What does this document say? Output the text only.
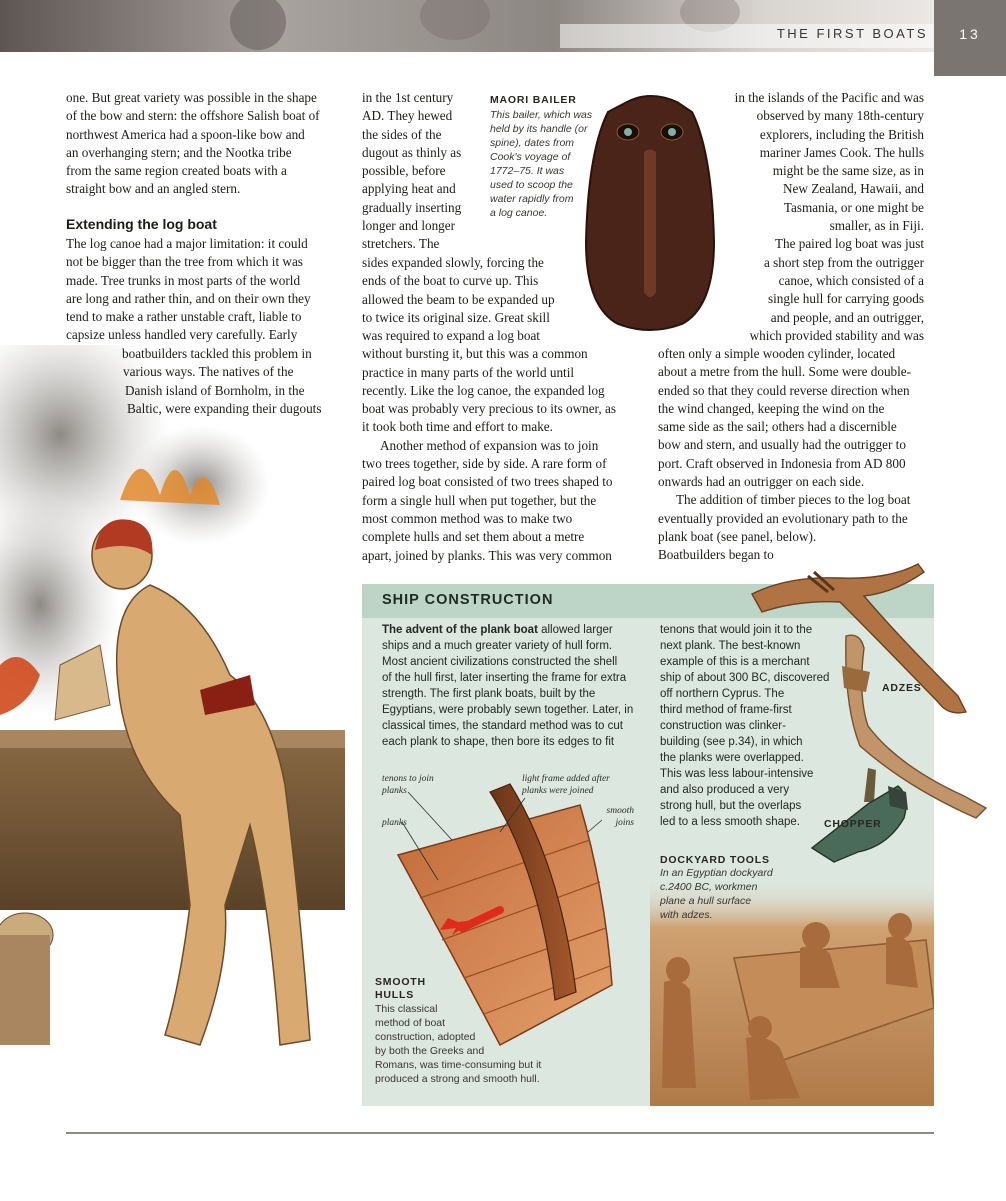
THE FIRST BOATS	13
one. But great variety was possible in the shape
of the bow and stern: the offshore Salish boat of
northwest America had a spoon-like bow and
an overhanging stern; and the Nootka tribe
from the same region created boats with a
straight bow and an angled stern.
Extending the log boat
The log canoe had a major limitation: it could
not be bigger than the tree from which it was
made. Tree trunks in most parts of the world
are long and rather thin, and on their own they
tend to make a rather unstable craft, liable to
capsize unless handled very carefully. Early
boatbuilders tackled this problem in
various ways. The natives of the
Danish island of Bornholm, in the
Baltic, were expanding their dugouts
in the 1st century
AD. They hewed
the sides of the
dugout as thinly as
possible, before
applying heat and
gradually inserting
longer and longer
stretchers. The
sides expanded slowly, forcing the
ends of the boat to curve up. This
allowed the beam to be expanded up
to twice its original size. Great skill
was required to expand a log boat
without bursting it, but this was a common
practice in many parts of the world until
recently. Like the log canoe, the expanded log
boat was probably very precious to its owner, as
it took both time and effort to make.
Another method of expansion was to join
two trees together, side by side. A rare form of
paired log boat consisted of two trees shaped to
form a single hull when put together, but the
most common method was to make two
complete hulls and set them about a metre
apart, joined by planks. This was very common
MAORI BAILER
This bailer, which was
held by its handle (or
spine), dates from
Cook's voyage of
1772–75. It was
used to scoop the
water rapidly from
a log canoe.
in the islands of the Pacific and was
observed by many 18th-century
explorers, including the British
mariner James Cook. The hulls
might be the same size, as in
New Zealand, Hawaii, and
Tasmania, or one might be
smaller, as in Fiji.
The paired log boat was just
a short step from the outrigger
canoe, which consisted of a
single hull for carrying goods
and people, and an outrigger,
which provided stability and was
often only a simple wooden cylinder, located
about a metre from the hull. Some were double-
ended so that they could reverse direction when
the wind changed, keeping the wind on the
same side as the sail; others had a discernible
bow and stern, and usually had the outrigger to
port. Craft observed in Indonesia from AD 800
onwards had an outrigger on each side.
The addition of timber pieces to the log boat
eventually provided an evolutionary path to the
plank boat (see panel, below).
Boatbuilders began to
SHIP CONSTRUCTION
The advent of the plank boat allowed larger
ships and a much greater variety of hull form.
Most ancient civilizations constructed the shell
of the hull first, later inserting the frame for extra
strength. The first plank boats, built by the
Egyptians, were probably sewn together. Later, in
classical times, the standard method was to cut
each plank to shape, then bore its edges to fit
tenons that would join it to the
next plank. The best-known
example of this is a merchant
ship of about 300 BC, discovered
off northern Cyprus. The
third method of frame-first
construction was clinker-
building (see p.34), in which
the planks were overlapped.
This was less labour-intensive
and also produced a very
strong hull, but the overlaps
led to a less smooth shape.
tenons to join
planks
planks
light frame added after
planks were joined
smooth
joins
SMOOTH
HULLS
This classical
method of boat
construction, adopted
by both the Greeks and
Romans, was time-consuming but it
produced a strong and smooth hull.
ADZES
CHOPPER
DOCKYARD TOOLS
In an Egyptian dockyard
c.2400 BC, workmen
plane a hull surface
with adzes.
